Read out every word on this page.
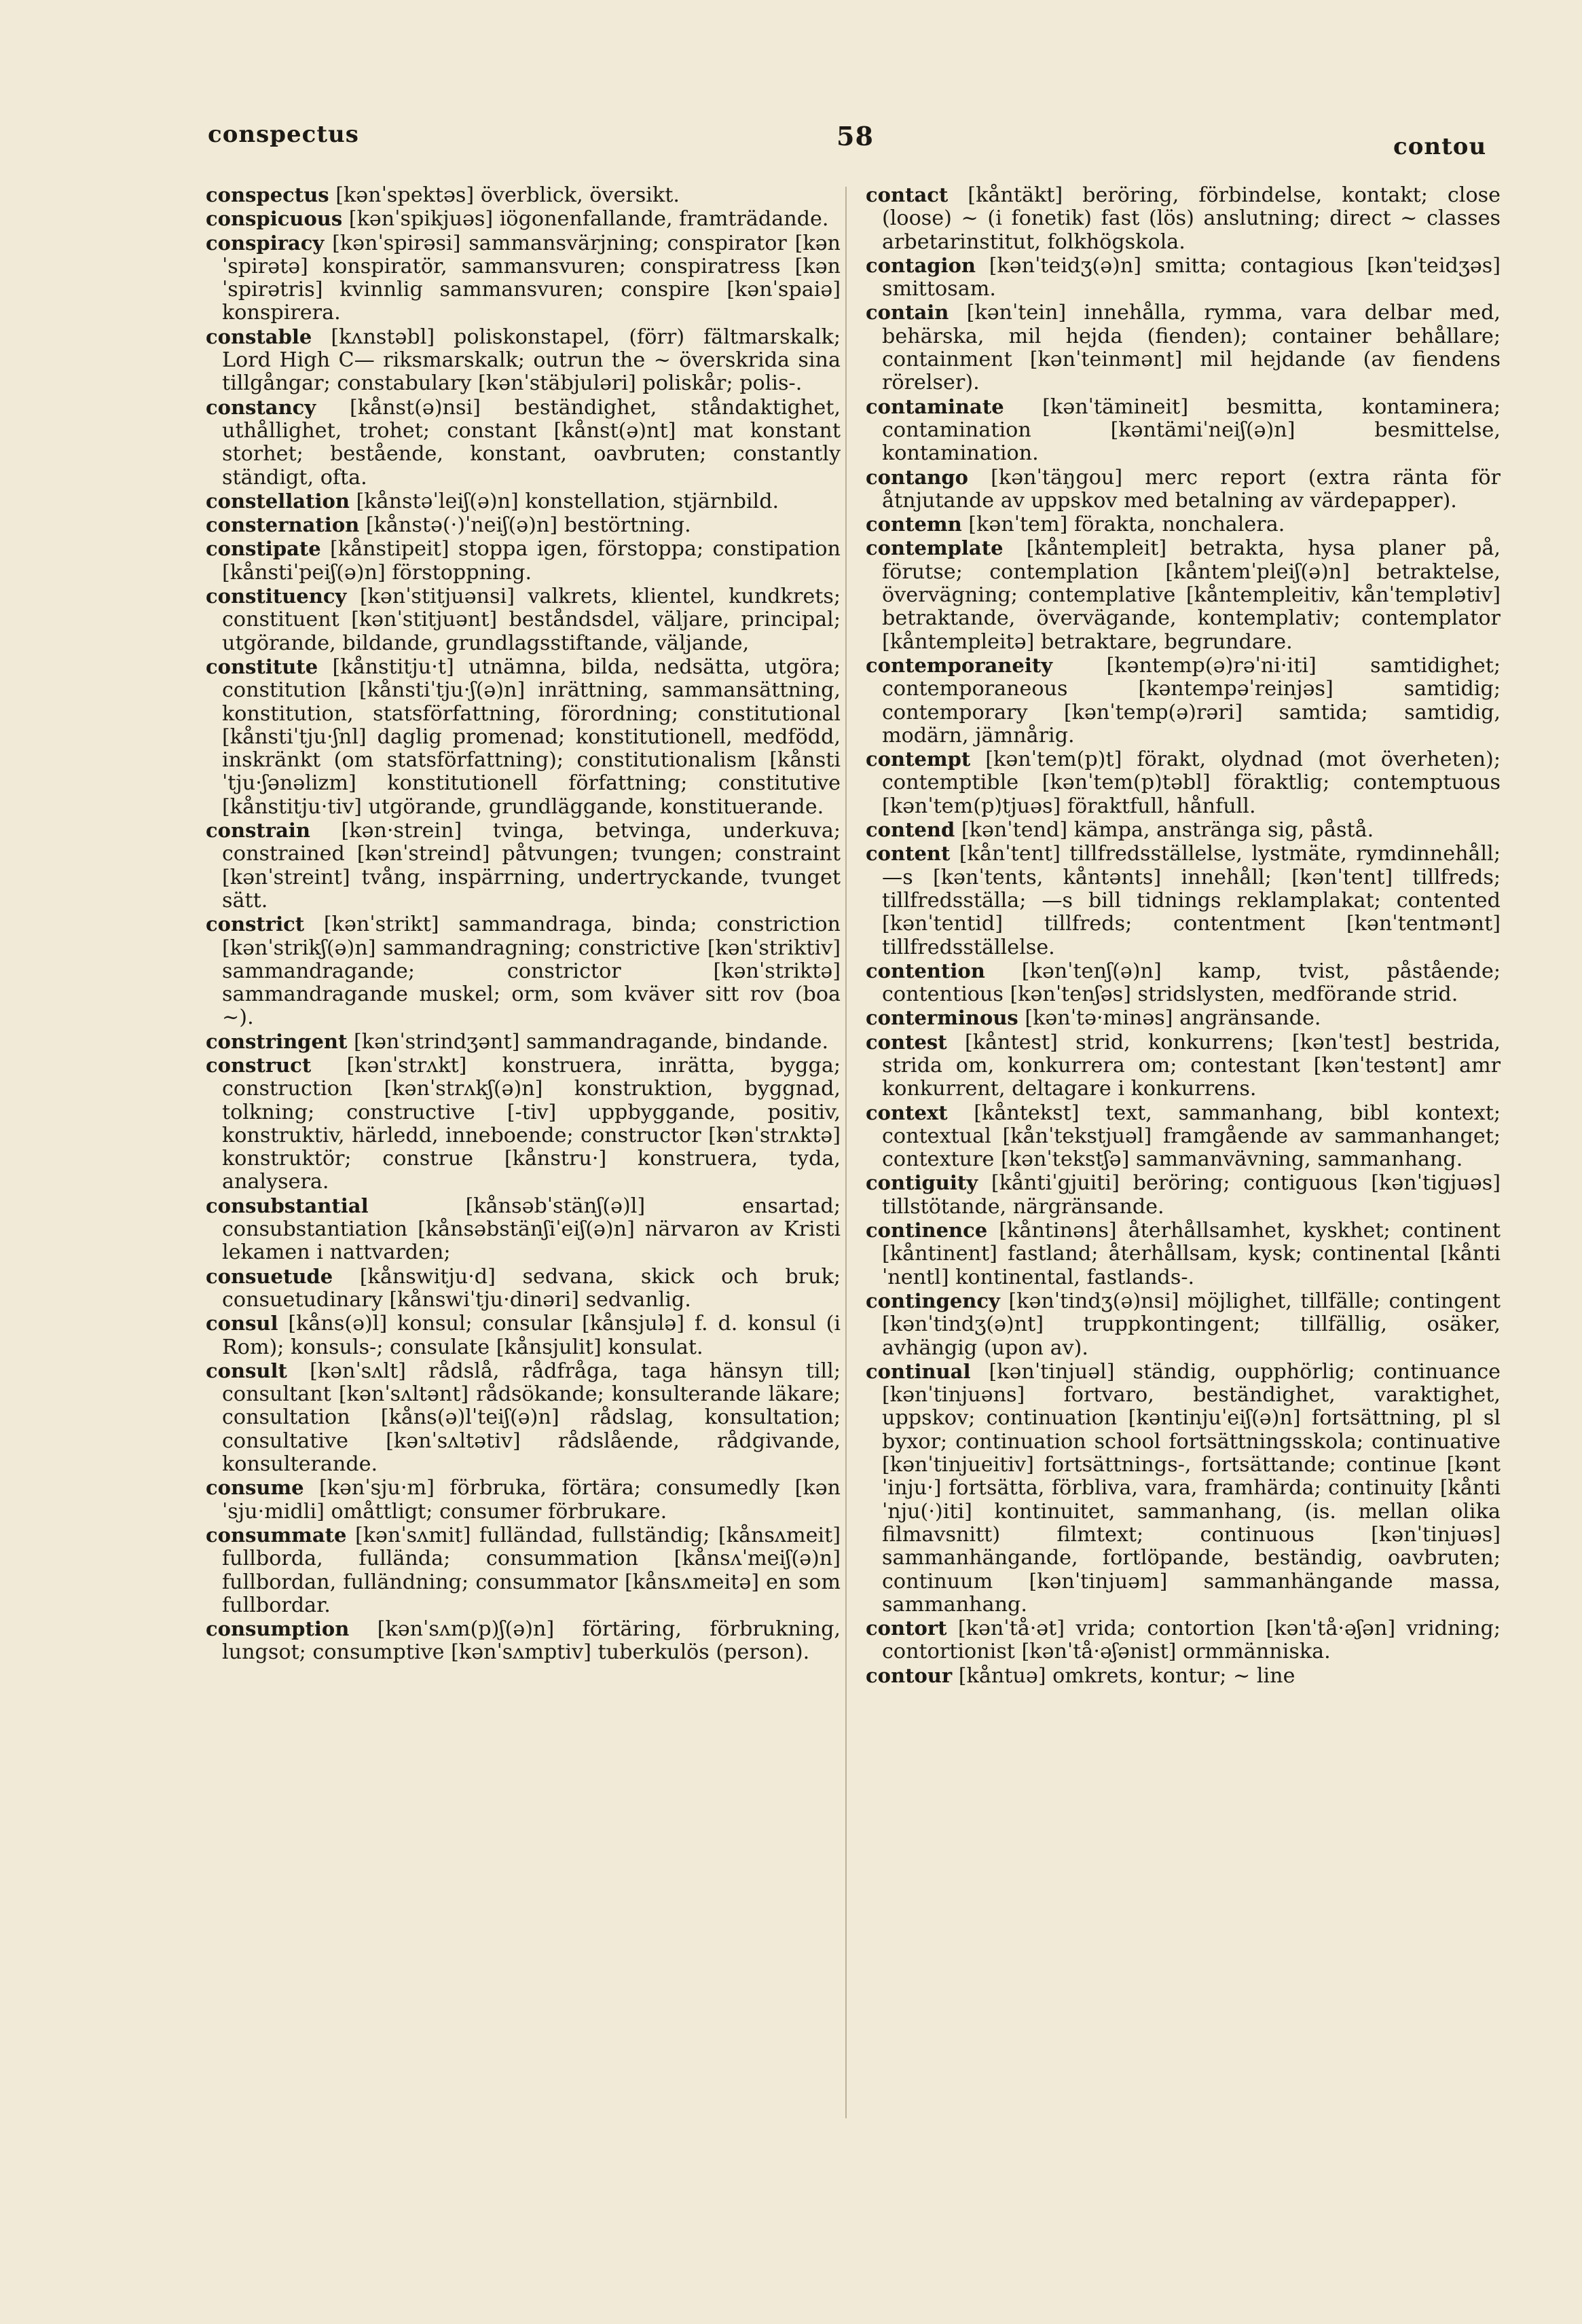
conspectus	58	contou

conspectus [kənˈspektəs] överblick, översikt.

conspicuous [kənˈspikjuəs] iögonenfallande, framträdande.

conspiracy [kənˈspirəsi] sammansvärjning; conspirator [kənˈspirətə] konspiratör, sammansvuren; conspiratress [kənˈspirətris] kvinnlig sammansvuren; conspire [kənˈspaiə] konspirera.

constable [kʌnstəbl] poliskonstapel, (förr) fältmarskalk; Lord High C— riksmarskalk; outrun the ~ överskrida sina tillgångar; constabulary [kənˈstäbjuləri] poliskår; polis-.

constancy [kånst(ə)nsi] beständighet, ståndaktighet, uthållighet, trohet; constant [kånst(ə)nt] mat konstant storhet; bestående, konstant, oavbruten; constantly ständigt, ofta.

constellation [kånstəˈleiʃ(ə)n] konstellation, stjärnbild.

consternation [kånstə(·)ˈneiʃ(ə)n] bestörtning.

constipate [kånstipeit] stoppa igen, förstoppa; constipation [kånstiˈpeiʃ(ə)n] förstoppning.

constituency [kənˈstitjuənsi] valkrets, klientel, kundkrets; constituent [kənˈstitjuənt] beståndsdel, väljare, principal; utgörande, bildande, grundlagsstiftande, väljande,

constitute [kånstitju·t] utnämna, bilda, nedsätta, utgöra; constitution [kånstiˈtju·ʃ(ə)n] inrättning, sammansättning, konstitution, statsförfattning, förordning; constitutional [kånstiˈtju·ʃnl] daglig promenad; konstitutionell, medfödd, inskränkt (om statsförfattning); constitutionalism [kånstiˈtju·ʃənəlizm] konstitutionell författning; constitutive [kånstitju·tiv] utgörande, grundläggande, konstituerande.

constrain [kən·strein] tvinga, betvinga, underkuva; constrained [kənˈstreind] påtvungen; tvungen; constraint [kənˈstreint] tvång, inspärrning, undertryckande, tvunget sätt.

constrict [kənˈstrikt] sammandraga, binda; constriction [kənˈstrikʃ(ə)n] sammandragning; constrictive [kənˈstriktiv] sammandragande; constrictor [kənˈstriktə] sammandragande muskel; orm, som kväver sitt rov (boa ~).

constringent [kənˈstrindʒənt] sammandragande, bindande.

construct [kənˈstrʌkt] konstruera, inrätta, bygga; construction [kənˈstrʌkʃ(ə)n] konstruktion, byggnad, tolkning; constructive [-tiv] uppbyggande, positiv, konstruktiv, härledd, inneboende; constructor [kənˈstrʌktə] konstruktör; construe [kånstru·] konstruera, tyda, analysera.

consubstantial [kånsəbˈstänʃ(ə)l] ensartad; consubstantiation [kånsəbstänʃiˈeiʃ(ə)n] närvaron av Kristi lekamen i nattvarden;

consuetude [kånswitju·d] sedvana, skick och bruk; consuetudinary [kånswiˈtju·dinəri] sedvanlig.

consul [kåns(ə)l] konsul; consular [kånsjulə] f. d. konsul (i Rom); konsuls-; consulate [kånsjulit] konsulat.

consult [kənˈsʌlt] rådslå, rådfråga, taga hänsyn till; consultant [kənˈsʌltənt] rådsökande; konsulterande läkare; consultation [kåns(ə)lˈteiʃ(ə)n] rådslag, konsultation; consultative [kənˈsʌltətiv] rådslående, rådgivande, konsulterande.

consume [kənˈsju·m] förbruka, förtära; consumedly [kənˈsju·midli] omåttligt; consumer förbrukare.

consummate [kənˈsʌmit] fulländad, fullständig; [kånsʌmeit] fullborda, fulländа; consummation [kånsʌˈmeiʃ(ə)n] fullbordan, fulländning; consummator [kånsʌmeitə] en som fullbordar.

consumption [kənˈsʌm(p)ʃ(ə)n] förtäring, förbrukning, lungsot; consumptive [kənˈsʌmptiv] tuberkulös (person).

contact [kåntäkt] beröring, förbindelse, kontakt; close (loose) ~ (i fonetik) fast (lös) anslutning; direct ~ classes arbetarinstitut, folkhögskola.

contagion [kənˈteidʒ(ə)n] smitta; contagious [kənˈteidʒəs] smittosam.

contain [kənˈtein] innehålla, rymma, vara delbar med, behärska, mil hejda (fienden); container behållare; containment [kənˈteinmənt] mil hejdande (av fiendens rörelser).

contaminate [kənˈtämineit] besmitta, kontaminera; contamination [kəntämiˈneiʃ(ə)n] besmittelse, kontamination.

contango [kənˈtäŋgou] merc report (extra ränta för åtnjutande av uppskov med betalning av värdepapper).

contemn [kənˈtem] förakta, nonchalera.

contemplate [kåntempleit] betrakta, hysa planer på, förutse; contemplation [kåntemˈpleiʃ(ə)n] betraktelse, övervägning; contemplative [kåntempleitiv, kånˈtemplətiv] betraktande, övervägande, kontemplativ; contemplator [kåntempleitə] betraktare, begrundare.

contemporaneity [kəntemp(ə)rəˈni·iti] samtidighet; contemporaneous [kəntempəˈreinjəs] samtidig; contemporary [kənˈtemp(ə)rəri] samtida; samtidig, modärn, jämnårig.

contempt [kənˈtem(p)t] förakt, olydnad (mot överheten); contemptible [kənˈtem(p)təbl] föraktlig; contemptuous [kənˈtem(p)tjuəs] föraktfull, hånfull.

contend [kənˈtend] kämpa, anstränga sig, påstå.

content [kånˈtent] tillfredsställelse, lystmäte, rymdinnehåll; —s [kənˈtents, kåntənts] innehåll; [kənˈtent] tillfreds; tillfredsställa; —s bill tidnings reklamplakat; contented [kənˈtentid] tillfreds; contentment [kənˈtentmənt] tillfredsställelse.

contention [kənˈtenʃ(ə)n] kamp, tvist, påstående; contentious [kənˈtenʃəs] stridslysten, medförande strid.

conterminous [kənˈtə·minəs] angränsande.

contest [kåntest] strid, konkurrens; [kənˈtest] bestrida, strida om, konkurrera om; contestant [kənˈtestənt] amr konkurrent, deltagare i konkurrens.

context [kåntekst] text, sammanhang, bibl kontext; contextual [kånˈtekstjuəl] framgående av sammanhanget; contexture [kənˈtekstʃə] sammanvävning, sammanhang.

contiguity [kåntiˈgjuiti] beröring; contiguous [kənˈtigjuəs] tillstötande, närgränsande.

continence [kåntinəns] återhållsamhet, kyskhet; continent [kåntinent] fastland; återhållsam, kysk; continental [kåntiˈnentl] kontinental, fastlands-.

contingency [kənˈtindʒ(ə)nsi] möjlighet, tillfälle; contingent [kənˈtindʒ(ə)nt] truppkontingent; tillfällig, osäker, avhängig (upon av).

continual [kənˈtinjuəl] ständig, oupphörlig; continuance [kənˈtinjuəns] fortvaro, beständighet, varaktighet, uppskov; continuation [kəntinjuˈeiʃ(ə)n] fortsättning, pl sl byxor; continuation school fortsättningsskola; continuative [kənˈtinjueitiv] fortsättnings-, fortsättande; continue [kəntˈinju·] fortsätta, förbliva, vara, framhärda; continuity [kåntiˈnju(·)iti] kontinuitet, sammanhang, (is. mellan olika filmavsnitt) filmtext; continuous [kənˈtinjuəs] sammanhängande, fortlöpande, beständig, oavbruten; continuum [kənˈtinjuəm] sammanhängande massa, sammanhang.

contort [kənˈtå·ət] vrida; contortion [kənˈtå·əʃən] vridning; contortionist [kənˈtå·əʃənist] ormmänniska.

contour [kåntuə] omkrets, kontur; ~ line
